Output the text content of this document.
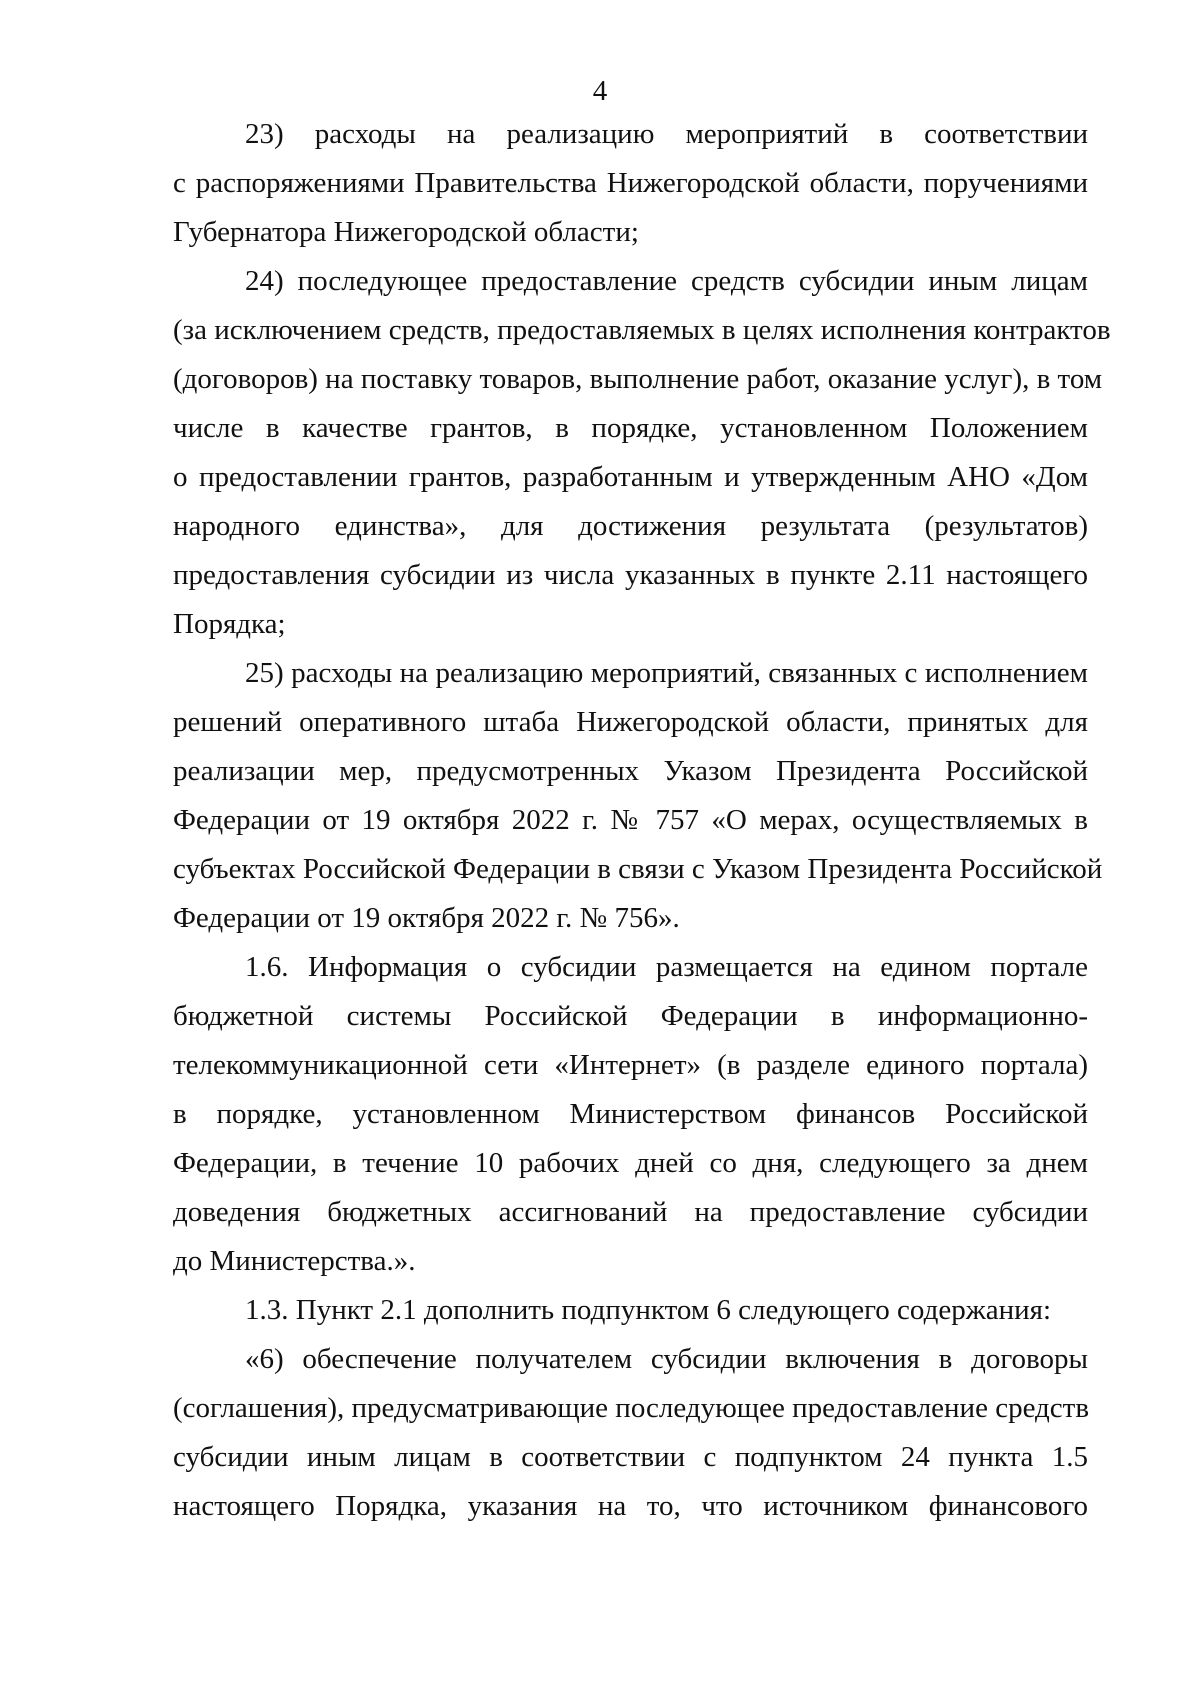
4
23) расходы на реализацию мероприятий в соответствии
с распоряжениями Правительства Нижегородской области, поручениями
Губернатора Нижегородской области;
24) последующее предоставление средств субсидии иным лицам
(за исключением средств, предоставляемых в целях исполнения контрактов
(договоров) на поставку товаров, выполнение работ, оказание услуг), в том
числе в качестве грантов, в порядке, установленном Положением
о предоставлении грантов, разработанным и утвержденным АНО «Дом
народного единства», для достижения результата (результатов)
предоставления субсидии из числа указанных в пункте 2.11 настоящего
Порядка;
25) расходы на реализацию мероприятий, связанных с исполнением
решений оперативного штаба Нижегородской области, принятых для
реализации мер, предусмотренных Указом Президента Российской
Федерации от 19 октября 2022 г. № 757 «О мерах, осуществляемых в
субъектах Российской Федерации в связи с Указом Президента Российской
Федерации от 19 октября 2022 г. № 756».
1.6. Информация о субсидии размещается на едином портале
бюджетной системы Российской Федерации в информационно-
телекоммуникационной сети «Интернет» (в разделе единого портала)
в порядке, установленном Министерством финансов Российской
Федерации, в течение 10 рабочих дней со дня, следующего за днем
доведения бюджетных ассигнований на предоставление субсидии
до Министерства.».
1.3. Пункт 2.1 дополнить подпунктом 6 следующего содержания:
«6) обеспечение получателем субсидии включения в договоры
(соглашения), предусматривающие последующее предоставление средств
субсидии иным лицам в соответствии с подпунктом 24 пункта 1.5
настоящего Порядка, указания на то, что источником финансового
